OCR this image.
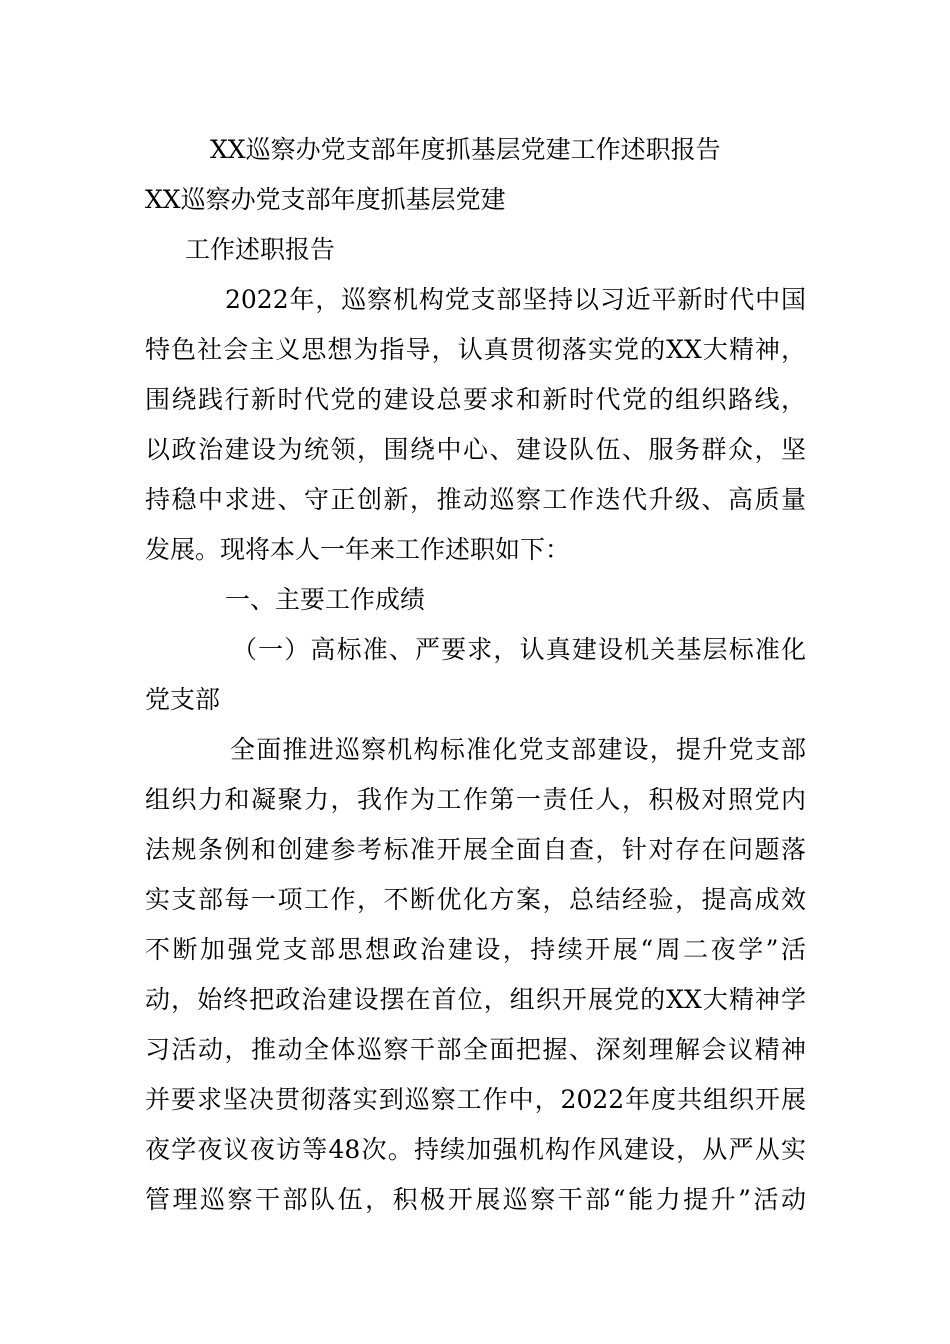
XX巡察办党支部年度抓基层党建工作述职报告
XX巡察办党支部年度抓基层党建
工作述职报告
2022年，巡察机构党支部坚持以习近平新时代中国
特色社会主义思想为指导，认真贯彻落实党的XX大精神，
围绕践行新时代党的建设总要求和新时代党的组织路线，
以政治建设为统领，围绕中心、建设队伍、服务群众，坚
持稳中求进、守正创新，推动巡察工作迭代升级、高质量
发展。现将本人一年来工作述职如下：
一、主要工作成绩
（一）高标准、严要求，认真建设机关基层标准化
党支部
全面推进巡察机构标准化党支部建设，提升党支部
组织力和凝聚力，我作为工作第一责任人，积极对照党内
法规条例和创建参考标准开展全面自查，针对存在问题落
实支部每一项工作，不断优化方案，总结经验，提高成效
不断加强党支部思想政治建设，持续开展“周二夜学”活
动，始终把政治建设摆在首位，组织开展党的XX大精神学
习活动，推动全体巡察干部全面把握、深刻理解会议精神
并要求坚决贯彻落实到巡察工作中，2022年度共组织开展
夜学夜议夜访等48次。持续加强机构作风建设，从严从实
管理巡察干部队伍，积极开展巡察干部“能力提升”活动
